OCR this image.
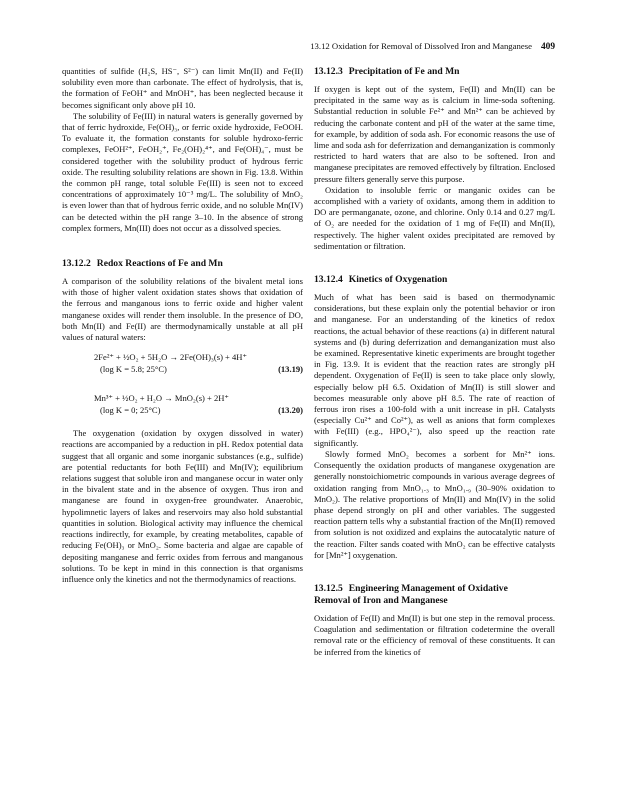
13.12 Oxidation for Removal of Dissolved Iron and Manganese 409

quantities of sulfide (H₂S, HS⁻, S²⁻) can limit Mn(II) and Fe(II) solubility even more than carbonate. The effect of hydrolysis, that is, the formation of FeOH⁺ and MnOH⁺, has been neglected because it becomes significant only above pH 10.

The solubility of Fe(III) in natural waters is generally governed by that of ferric hydroxide, Fe(OH)₃, or ferric oxide hydroxide, FeOOH. To evaluate it, the formation constants for soluble hydroxo-ferric complexes, FeOH²⁺, FeOH₂⁺, Fe₂(OH)₂⁴⁺, and Fe(OH)₄⁻, must be considered together with the solubility product of hydrous ferric oxide. The resulting solubility relations are shown in Fig. 13.8. Within the common pH range, total soluble Fe(III) is seen not to exceed concentrations of approximately 10⁻³ mg/L. The solubility of MnO₂ is even lower than that of hydrous ferric oxide, and no soluble Mn(IV) can be detected within the pH range 3–10. In the absence of strong complex formers, Mn(III) does not occur as a dissolved species.

13.12.2 Redox Reactions of Fe and Mn

A comparison of the solubility relations of the bivalent metal ions with those of higher valent oxidation states shows that oxidation of the ferrous and manganous ions to ferric oxide and higher valent manganese oxides will render them insoluble. In the presence of DO, both Mn(II) and Fe(II) are thermodynamically unstable at all pH values of natural waters:

2Fe²⁺ + ½O₂ + 5H₂O → 2Fe(OH)₃(s) + 4H⁺
(log K = 5.8; 25°C)	(13.19)
Mn³⁺ + ½O₂ + H₂O → MnO₂(s) + 2H⁺
(log K = 0; 25°C)	(13.20)

The oxygenation (oxidation by oxygen dissolved in water) reactions are accompanied by a reduction in pH. Redox potential data suggest that all organic and some inorganic substances (e.g., sulfide) are potential reductants for both Fe(III) and Mn(IV); equilibrium relations suggest that soluble iron and manganese occur in water only in the bivalent state and in the absence of oxygen. Thus iron and manganese are found in oxygen-free groundwater. Anaerobic, hypolimnetic layers of lakes and reservoirs may also hold substantial quantities in solution. Biological activity may influence the chemical reactions indirectly, for example, by creating metabolites, capable of reducing Fe(OH)₃ or MnO₂. Some bacteria and algae are capable of depositing manganese and ferric oxides from ferrous and manganous solutions. To be kept in mind in this connection is that organisms influence only the kinetics and not the thermodynamics of reactions.

13.12.3 Precipitation of Fe and Mn

If oxygen is kept out of the system, Fe(II) and Mn(II) can be precipitated in the same way as is calcium in lime-soda softening. Substantial reduction in soluble Fe²⁺ and Mn²⁺ can be achieved by reducing the carbonate content and pH of the water at the same time, for example, by addition of soda ash. For economic reasons the use of lime and soda ash for deferrization and demanganization is commonly restricted to hard waters that are also to be softened. Iron and manganese precipitates are removed effectively by filtration. Enclosed pressure filters generally serve this purpose.

Oxidation to insoluble ferric or manganic oxides can be accomplished with a variety of oxidants, among them in addition to DO are permanganate, ozone, and chlorine. Only 0.14 and 0.27 mg/L of O₂ are needed for the oxidation of 1 mg of Fe(II) and Mn(II), respectively. The higher valent oxides precipitated are removed by sedimentation or filtration.

13.12.4 Kinetics of Oxygenation

Much of what has been said is based on thermodynamic considerations, but these explain only the potential behavior or iron and manganese. For an understanding of the kinetics of redox reactions, the actual behavior of these reactions (a) in different natural systems and (b) during deferrization and demanganization must also be examined. Representative kinetic experiments are brought together in Fig. 13.9. It is evident that the reaction rates are strongly pH dependent. Oxygenation of Fe(II) is seen to take place only slowly, especially below pH 6.5. Oxidation of Mn(II) is still slower and becomes measurable only above pH 8.5. The rate of reaction of ferrous iron rises a 100-fold with a unit increase in pH. Catalysts (especially Cu²⁺ and Co²⁺), as well as anions that form complexes with Fe(III) (e.g., HPO₄²⁻), also speed up the reaction rate significantly.

Slowly formed MnO₂ becomes a sorbent for Mn²⁺ ions. Consequently the oxidation products of manganese oxygenation are generally nonstoichiometric compounds in various average degrees of oxidation ranging from MnO₁.₃ to MnO₁.₉ (30–90% oxidation to MnO₂). The relative proportions of Mn(II) and Mn(IV) in the solid phase depend strongly on pH and other variables. The suggested reaction pattern tells why a substantial fraction of the Mn(II) removed from solution is not oxidized and explains the autocatalytic nature of the reaction. Filter sands coated with MnO₂ can be effective catalysts for [Mn²⁺] oxygenation.

13.12.5 Engineering Management of Oxidative
Removal of Iron and Manganese

Oxidation of Fe(II) and Mn(II) is but one step in the removal process. Coagulation and sedimentation or filtration codetermine the overall removal rate or the efficiency of removal of these constituents. It can be inferred from the kinetics of
